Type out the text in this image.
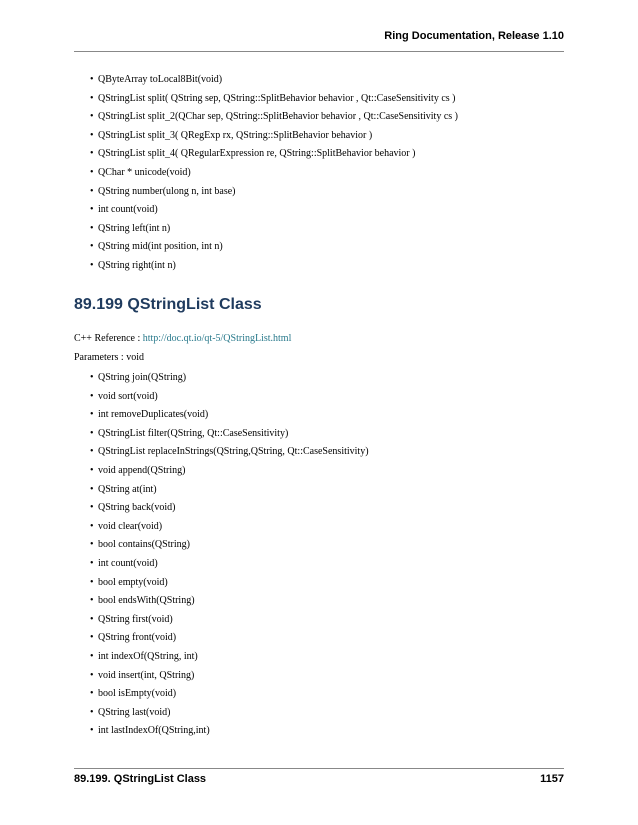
Ring Documentation, Release 1.10
• QByteArray toLocal8Bit(void)
• QStringList split( QString sep, QString::SplitBehavior behavior , Qt::CaseSensitivity cs )
• QStringList split_2(QChar sep, QString::SplitBehavior behavior , Qt::CaseSensitivity cs )
• QStringList split_3( QRegExp rx, QString::SplitBehavior behavior )
• QStringList split_4( QRegularExpression re, QString::SplitBehavior behavior )
• QChar * unicode(void)
• QString number(ulong n, int base)
• int count(void)
• QString left(int n)
• QString mid(int position, int n)
• QString right(int n)
89.199 QStringList Class
C++ Reference : http://doc.qt.io/qt-5/QStringList.html
Parameters : void
• QString join(QString)
• void sort(void)
• int removeDuplicates(void)
• QStringList filter(QString, Qt::CaseSensitivity)
• QStringList replaceInStrings(QString,QString, Qt::CaseSensitivity)
• void append(QString)
• QString at(int)
• QString back(void)
• void clear(void)
• bool contains(QString)
• int count(void)
• bool empty(void)
• bool endsWith(QString)
• QString first(void)
• QString front(void)
• int indexOf(QString, int)
• void insert(int, QString)
• bool isEmpty(void)
• QString last(void)
• int lastIndexOf(QString,int)
89.199. QStringList Class	1157
